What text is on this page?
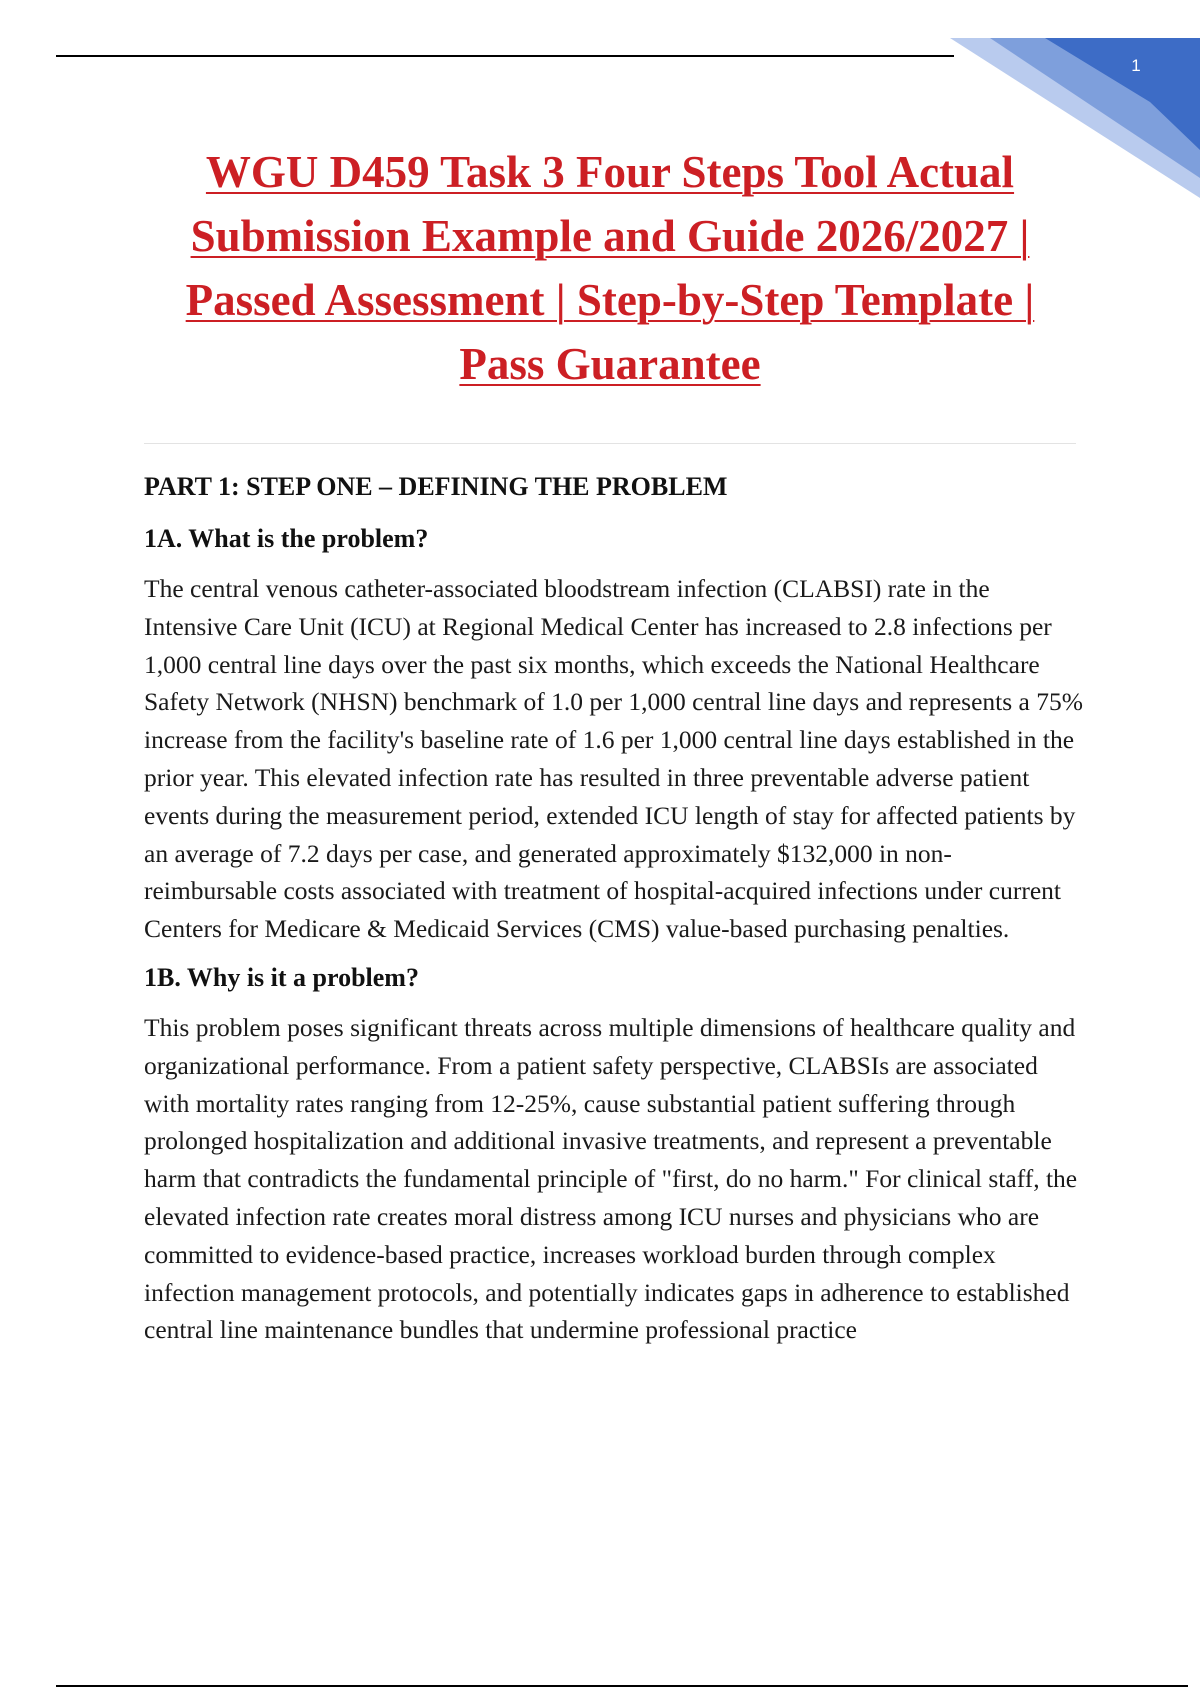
1
WGU D459 Task 3 Four Steps Tool Actual Submission Example and Guide 2026/2027 | Passed Assessment | Step-by-Step Template | Pass Guarantee
PART 1: STEP ONE – DEFINING THE PROBLEM
1A. What is the problem?

The central venous catheter-associated bloodstream infection (CLABSI) rate in the Intensive Care Unit (ICU) at Regional Medical Center has increased to 2.8 infections per 1,000 central line days over the past six months, which exceeds the National Healthcare Safety Network (NHSN) benchmark of 1.0 per 1,000 central line days and represents a 75% increase from the facility's baseline rate of 1.6 per 1,000 central line days established in the prior year. This elevated infection rate has resulted in three preventable adverse patient events during the measurement period, extended ICU length of stay for affected patients by an average of 7.2 days per case, and generated approximately $132,000 in non-reimbursable costs associated with treatment of hospital-acquired infections under current Centers for Medicare & Medicaid Services (CMS) value-based purchasing penalties.

1B. Why is it a problem?

This problem poses significant threats across multiple dimensions of healthcare quality and organizational performance. From a patient safety perspective, CLABSIs are associated with mortality rates ranging from 12-25%, cause substantial patient suffering through prolonged hospitalization and additional invasive treatments, and represent a preventable harm that contradicts the fundamental principle of "first, do no harm." For clinical staff, the elevated infection rate creates moral distress among ICU nurses and physicians who are committed to evidence-based practice, increases workload burden through complex infection management protocols, and potentially indicates gaps in adherence to established central line maintenance bundles that undermine professional practice
